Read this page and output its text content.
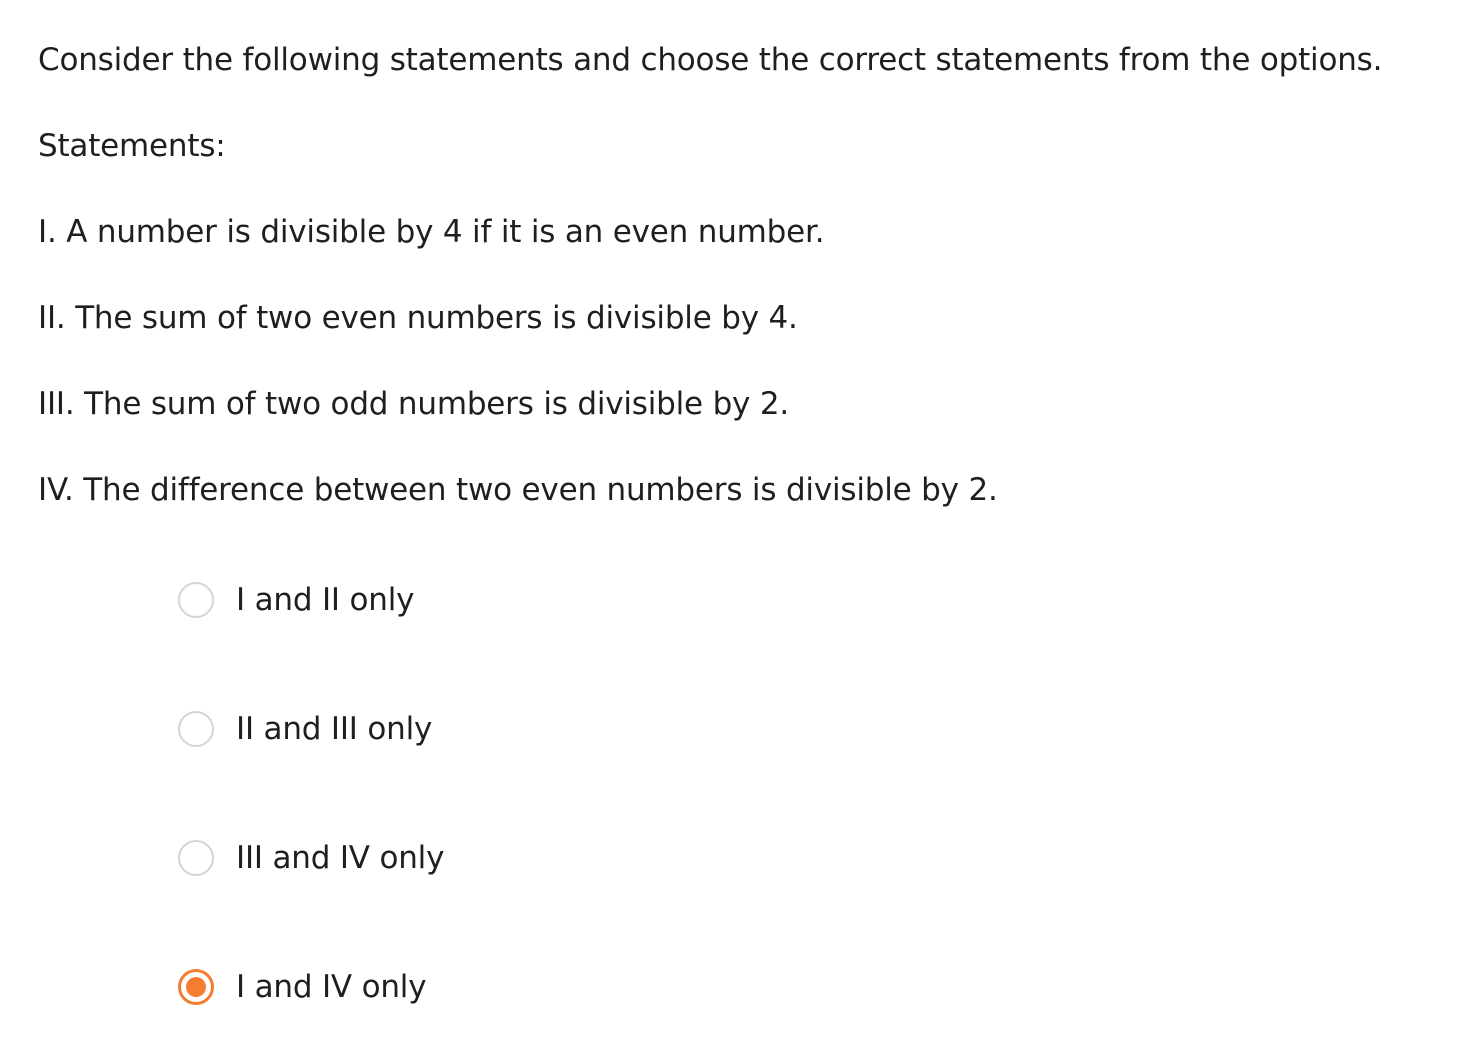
Consider the following statements and choose the correct statements from the options.

Statements:

I. A number is divisible by 4 if it is an even number.

II. The sum of two even numbers is divisible by 4.

III. The sum of two odd numbers is divisible by 2.

IV. The difference between two even numbers is divisible by 2.

I and II only
II and III only
III and IV only
I and IV only
